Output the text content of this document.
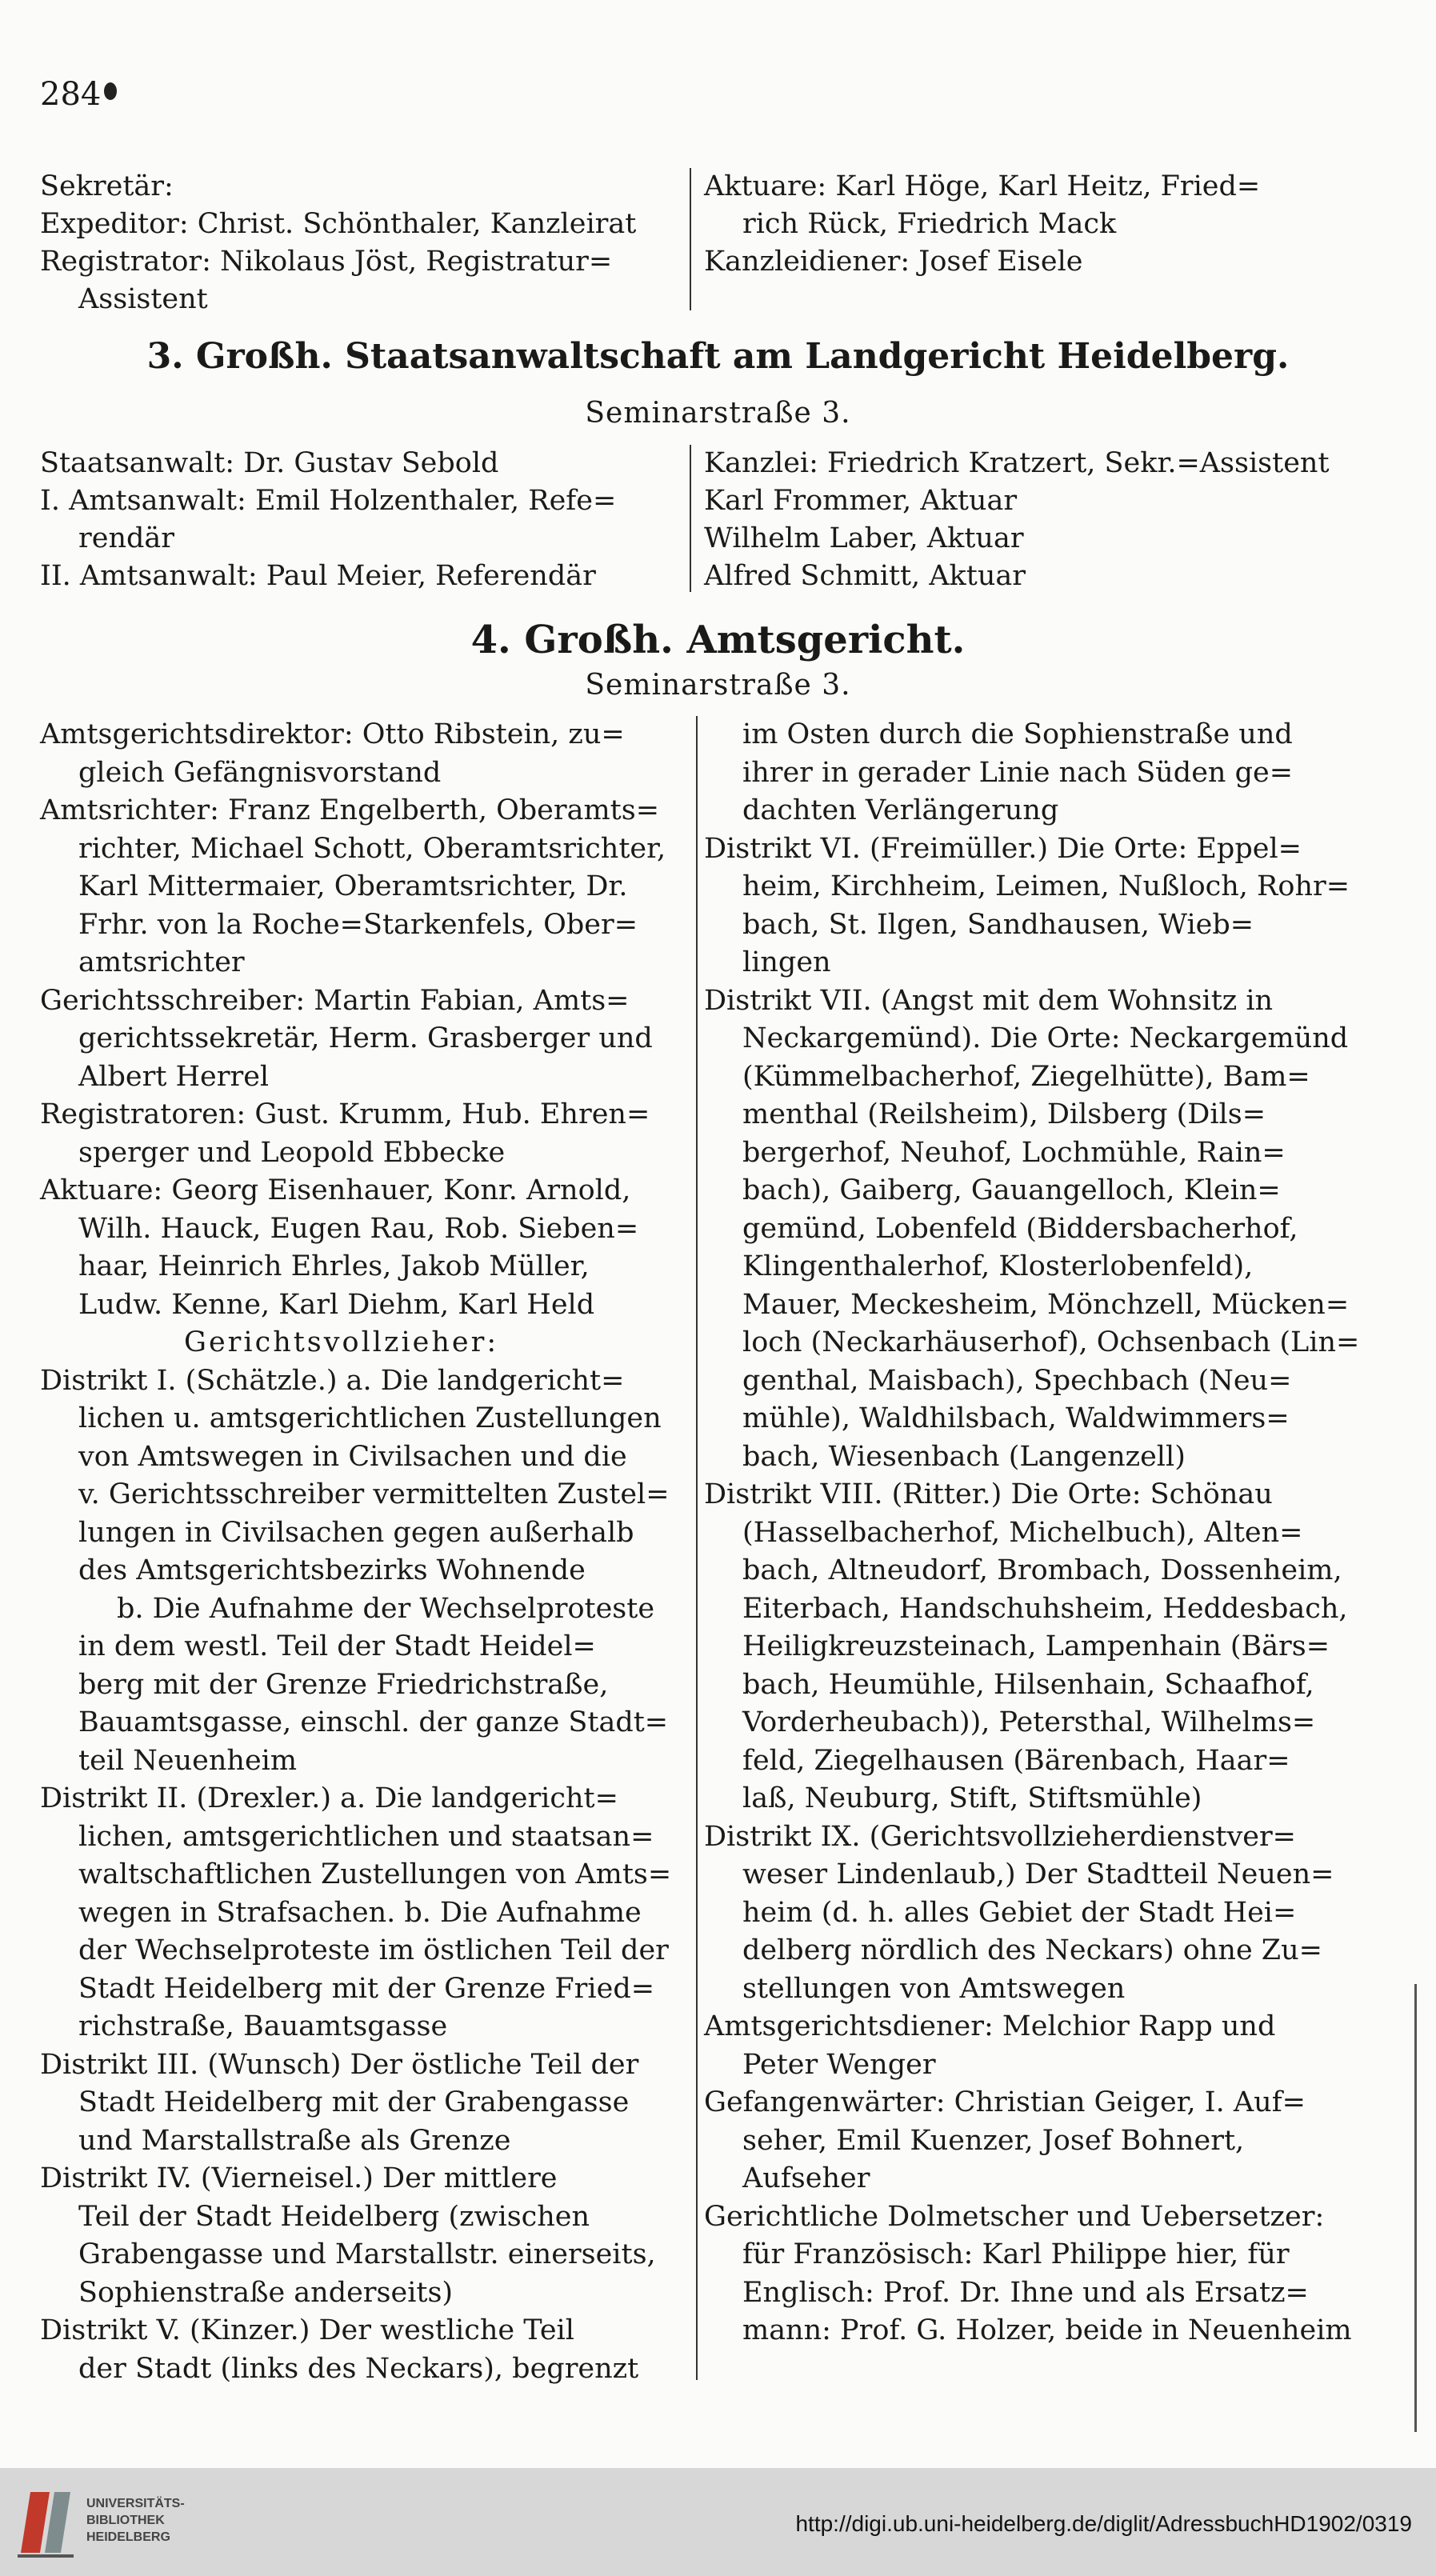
284

Sekretär:

Expeditor: Christ. Schönthaler, Kanzleirat

Registrator: Nikolaus Jöst, Registratur=

Assistent

Aktuare: Karl Höge, Karl Heitz, Fried=

rich Rück, Friedrich Mack

Kanzleidiener: Josef Eisele

3. Großh. Staatsanwaltschaft am Landgericht Heidelberg.
Seminarstraße 3.

Staatsanwalt: Dr. Gustav Sebold

I. Amtsanwalt: Emil Holzenthaler, Refe=

rendär

II. Amtsanwalt: Paul Meier, Referendär

Kanzlei: Friedrich Kratzert, Sekr.=Assistent

Karl Frommer, Aktuar

Wilhelm Laber, Aktuar

Alfred Schmitt, Aktuar

4. Großh. Amtsgericht.
Seminarstraße 3.

Amtsgerichtsdirektor: Otto Ribstein, zu=

gleich Gefängnisvorstand

Amtsrichter: Franz Engelberth, Oberamts=

richter, Michael Schott, Oberamtsrichter,

Karl Mittermaier, Oberamtsrichter, Dr.

Frhr. von la Roche=Starkenfels, Ober=

amtsrichter

Gerichtsschreiber: Martin Fabian, Amts=

gerichtssekretär, Herm. Grasberger und

Albert Herrel

Registratoren: Gust. Krumm, Hub. Ehren=

sperger und Leopold Ebbecke

Aktuare: Georg Eisenhauer, Konr. Arnold,

Wilh. Hauck, Eugen Rau, Rob. Sieben=

haar, Heinrich Ehrles, Jakob Müller,

Ludw. Kenne, Karl Diehm, Karl Held

Gerichtsvollzieher:

Distrikt I. (Schätzle.) a. Die landgericht=

lichen u. amtsgerichtlichen Zustellungen

von Amtswegen in Civilsachen und die

v. Gerichtsschreiber vermittelten Zustel=

lungen in Civilsachen gegen außerhalb

des Amtsgerichtsbezirks Wohnende

b. Die Aufnahme der Wechselproteste

in dem westl. Teil der Stadt Heidel=

berg mit der Grenze Friedrichstraße,

Bauamtsgasse, einschl. der ganze Stadt=

teil Neuenheim

Distrikt II. (Drexler.) a. Die landgericht=

lichen, amtsgerichtlichen und staatsan=

waltschaftlichen Zustellungen von Amts=

wegen in Strafsachen. b. Die Aufnahme

der Wechselproteste im östlichen Teil der

Stadt Heidelberg mit der Grenze Fried=

richstraße, Bauamtsgasse

Distrikt III. (Wunsch) Der östliche Teil der

Stadt Heidelberg mit der Grabengasse

und Marstallstraße als Grenze

Distrikt IV. (Vierneisel.) Der mittlere

Teil der Stadt Heidelberg (zwischen

Grabengasse und Marstallstr. einerseits,

Sophienstraße anderseits)

Distrikt V. (Kinzer.) Der westliche Teil

der Stadt (links des Neckars), begrenzt

im Osten durch die Sophienstraße und

ihrer in gerader Linie nach Süden ge=

dachten Verlängerung

Distrikt VI. (Freimüller.) Die Orte: Eppel=

heim, Kirchheim, Leimen, Nußloch, Rohr=

bach, St. Ilgen, Sandhausen, Wieb=

lingen

Distrikt VII. (Angst mit dem Wohnsitz in

Neckargemünd). Die Orte: Neckargemünd

(Kümmelbacherhof, Ziegelhütte), Bam=

menthal (Reilsheim), Dilsberg (Dils=

bergerhof, Neuhof, Lochmühle, Rain=

bach), Gaiberg, Gauangelloch, Klein=

gemünd, Lobenfeld (Biddersbacherhof,

Klingenthalerhof, Klosterlobenfeld),

Mauer, Meckesheim, Mönchzell, Mücken=

loch (Neckarhäuserhof), Ochsenbach (Lin=

genthal, Maisbach), Spechbach (Neu=

mühle), Waldhilsbach, Waldwimmers=

bach, Wiesenbach (Langenzell)

Distrikt VIII. (Ritter.) Die Orte: Schönau

(Hasselbacherhof, Michelbuch), Alten=

bach, Altneudorf, Brombach, Dossenheim,

Eiterbach, Handschuhsheim, Heddesbach,

Heiligkreuzsteinach, Lampenhain (Bärs=

bach, Heumühle, Hilsenhain, Schaafhof,

Vorderheubach)), Petersthal, Wilhelms=

feld, Ziegelhausen (Bärenbach, Haar=

laß, Neuburg, Stift, Stiftsmühle)

Distrikt IX. (Gerichtsvollzieherdienstver=

weser Lindenlaub,) Der Stadtteil Neuen=

heim (d. h. alles Gebiet der Stadt Hei=

delberg nördlich des Neckars) ohne Zu=

stellungen von Amtswegen

Amtsgerichtsdiener: Melchior Rapp und

Peter Wenger

Gefangenwärter: Christian Geiger, I. Auf=

seher, Emil Kuenzer, Josef Bohnert,

Aufseher

Gerichtliche Dolmetscher und Uebersetzer:

für Französisch: Karl Philippe hier, für

Englisch: Prof. Dr. Ihne und als Ersatz=

mann: Prof. G. Holzer, beide in Neuenheim

UNIVERSITÄTS-
BIBLIOTHEK
HEIDELBERG
http://digi.ub.uni-heidelberg.de/diglit/AdressbuchHD1902/0319
